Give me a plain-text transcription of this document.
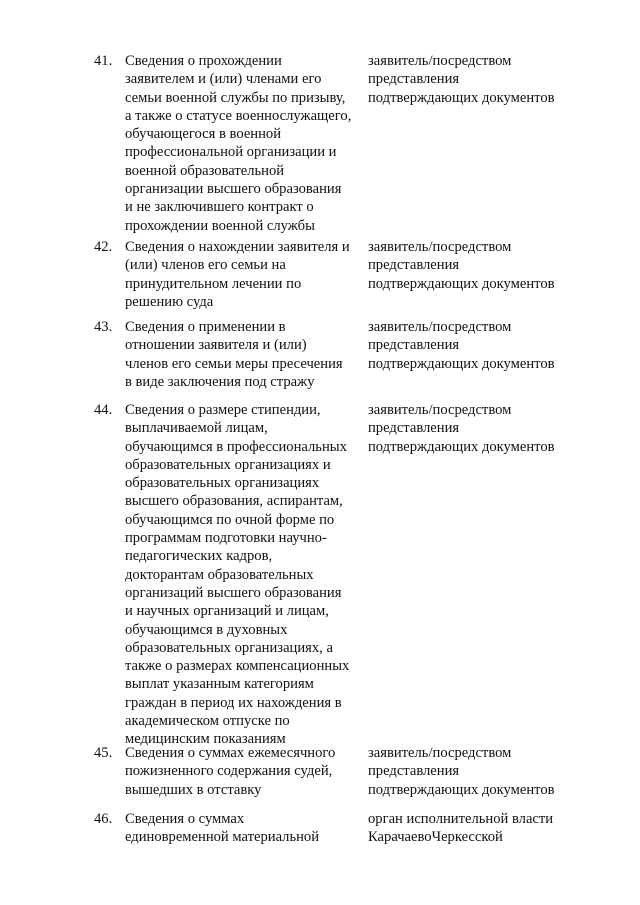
41. Сведения о прохождении
заявителем и (или) членами его
семьи военной службы по призыву,
а также о статусе военнослужащего,
обучающегося в военной
профессиональной организации и
военной образовательной
организации высшего образования
и не заключившего контракт о
прохождении военной службы
заявитель/посредством
представления
подтверждающих документов
42. Сведения о нахождении заявителя и
(или) членов его семьи на
принудительном лечении по
решению суда
заявитель/посредством
представления
подтверждающих документов
43. Сведения о применении в
отношении заявителя и (или)
членов его семьи меры пресечения
в виде заключения под стражу
заявитель/посредством
представления
подтверждающих документов
44. Сведения о размере стипендии,
выплачиваемой лицам,
обучающимся в профессиональных
образовательных организациях и
образовательных организациях
высшего образования, аспирантам,
обучающимся по очной форме по
программам подготовки научно-
педагогических кадров,
докторантам образовательных
организаций высшего образования
и научных организаций и лицам,
обучающимся в духовных
образовательных организациях, а
также о размерах компенсационных
выплат указанным категориям
граждан в период их нахождения в
академическом отпуске по
медицинским показаниям
заявитель/посредством
представления
подтверждающих документов
45. Сведения о суммах ежемесячного
пожизненного содержания судей,
вышедших в отставку
заявитель/посредством
представления
подтверждающих документов
46. Сведения о суммах
единовременной материальной
орган исполнительной власти
КарачаевоЧеркесской
